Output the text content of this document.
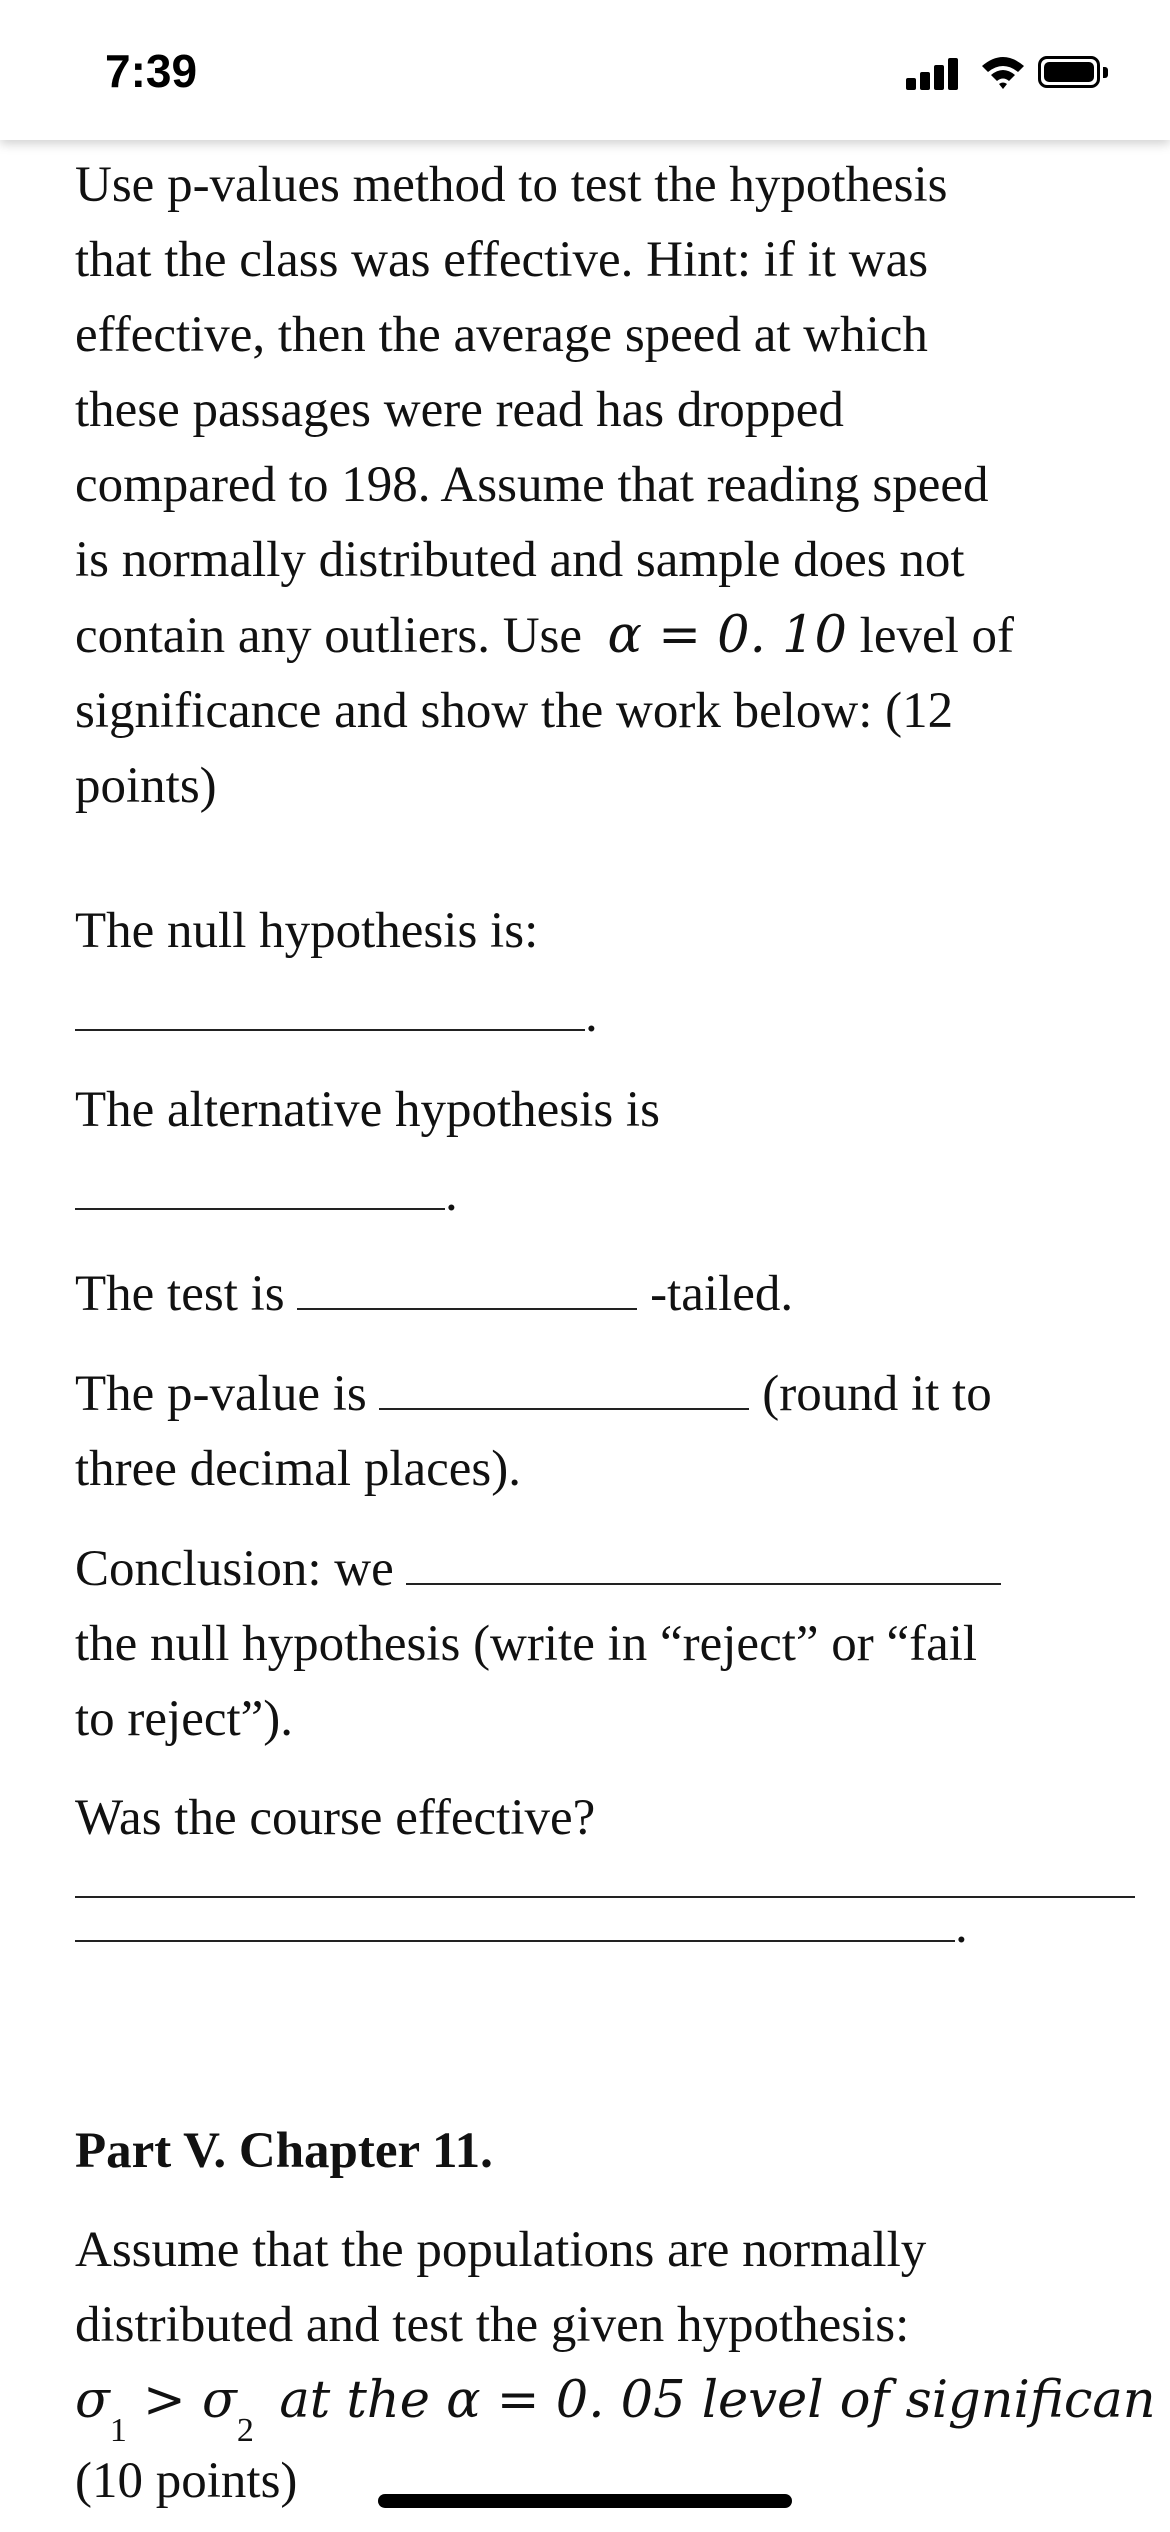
7:39

Use p-values method to test the hypothesis
that the class was effective. Hint: if it was
effective, then the average speed at which
these passages were read has dropped
compared to 198. Assume that reading speed
is normally distributed and sample does not
contain any outliers. Use α = 0. 10 level of
significance and show the work below: (12
points)

The null hypothesis is:

.

The alternative hypothesis is

.

The test is	-tailed.

The p-value is	(round it to
three decimal places).

Conclusion: we
the null hypothesis (write in “reject” or “fail
to reject”).

Was the course effective?

.

Part V. Chapter 11.

Assume that the populations are normally
distributed and test the given hypothesis:
$\sigma_1 > \sigma_2$  at the α = 0. 05 level of significan
(10 points)
